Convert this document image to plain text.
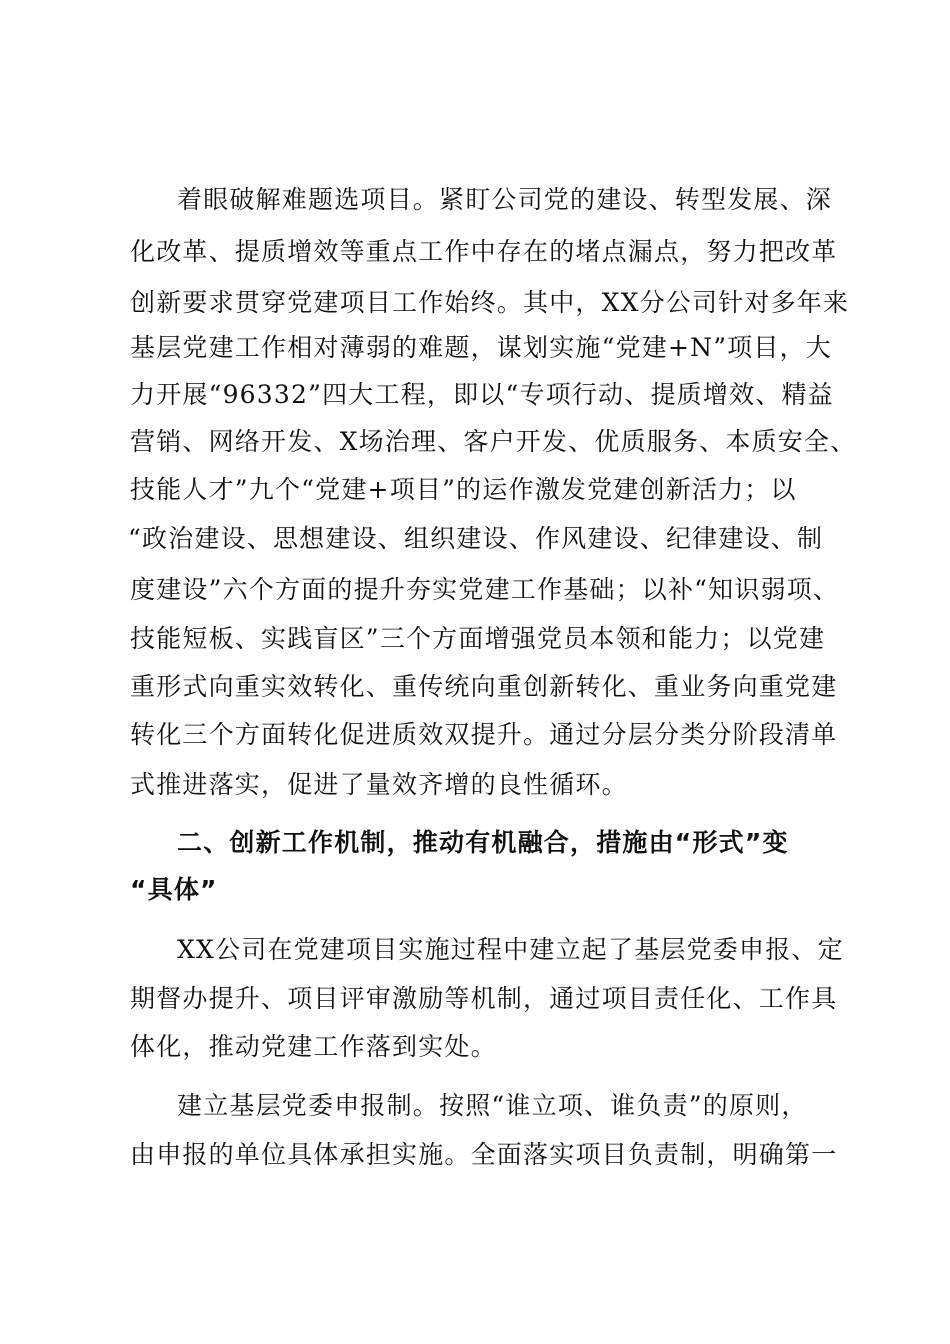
着眼破解难题选项目。紧盯公司党的建设、转型发展、深
化改革、提质增效等重点工作中存在的堵点漏点，努力把改革
创新要求贯穿党建项目工作始终。其中，XX分公司针对多年来
基层党建工作相对薄弱的难题，谋划实施“党建+N”项目，大
力开展“96332”四大工程，即以“专项行动、提质增效、精益
营销、网络开发、X场治理、客户开发、优质服务、本质安全、
技能人才”九个“党建+项目”的运作激发党建创新活力；以
“政治建设、思想建设、组织建设、作风建设、纪律建设、制
度建设”六个方面的提升夯实党建工作基础；以补“知识弱项、
技能短板、实践盲区”三个方面增强党员本领和能力；以党建
重形式向重实效转化、重传统向重创新转化、重业务向重党建
转化三个方面转化促进质效双提升。通过分层分类分阶段清单
式推进落实，促进了量效齐增的良性循环。
二、创新工作机制，推动有机融合，措施由“形式”变
“具体”
XX公司在党建项目实施过程中建立起了基层党委申报、定
期督办提升、项目评审激励等机制，通过项目责任化、工作具
体化，推动党建工作落到实处。
建立基层党委申报制。按照“谁立项、谁负责”的原则，
由申报的单位具体承担实施。全面落实项目负责制，明确第一
